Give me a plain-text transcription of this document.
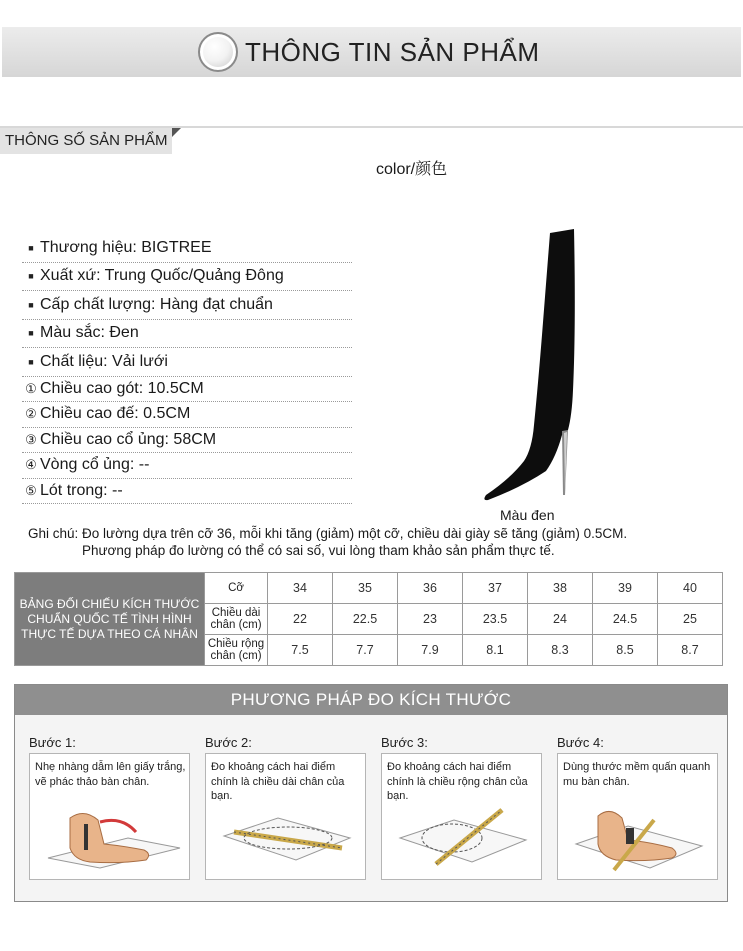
THÔNG TIN SẢN PHẨM
THÔNG SỐ SẢN PHẨM
color/颜色
■ Thương hiệu: BIGTREE
■ Xuất xứ: Trung Quốc/Quảng Đông
■ Cấp chất lượng: Hàng đạt chuẩn
■ Màu sắc: Đen
■ Chất liệu: Vải lưới
① Chiều cao gót: 10.5CM
② Chiều cao đế: 0.5CM
③ Chiều cao cổ ủng: 58CM
④ Vòng cổ ủng: --
⑤ Lót trong: --
Màu đen
Ghi chú: Đo lường dựa trên cỡ 36, mỗi khi tăng (giảm) một cỡ, chiều dài giày sẽ tăng (giảm) 0.5CM.
Phương pháp đo lường có thể có sai số, vui lòng tham khảo sản phẩm thực tế.
BẢNG ĐỐI CHIẾU KÍCH THƯỚC CHUẨN QUỐC TẾ TÌNH HÌNH THỰC TẾ DỰA THEO CÁ NHÂN	Cỡ	34	35	36	37	38	39	40
	Chiều dài chân (cm)	22	22.5	23	23.5	24	24.5	25
	Chiều rộng chân (cm)	7.5	7.7	7.9	8.1	8.3	8.5	8.7
PHƯƠNG PHÁP ĐO KÍCH THƯỚC
Bước 1:
Nhẹ nhàng dẫm lên giấy trắng, vẽ phác thảo bàn chân.
Bước 2:
Đo khoảng cách hai điểm chính là chiều dài chân của bạn.
Bước 3:
Đo khoảng cách hai điểm chính là chiều rộng chân của bạn.
Bước 4:
Dùng thước mềm quấn quanh mu bàn chân.
